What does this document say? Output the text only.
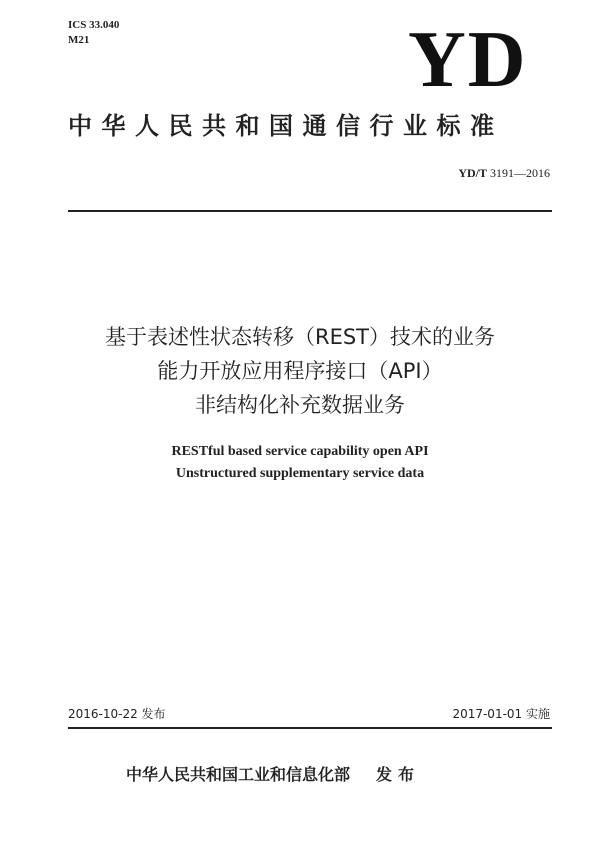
ICS 33.040
M21	YD
中华人民共和国通信行业标准
YD/T 3191—2016
基于表述性状态转移（REST）技术的业务
能力开放应用程序接口（API）
非结构化补充数据业务
RESTful based service capability open API
Unstructured supplementary service data
2016-10-22 发布	2017-01-01 实施
中华人民共和国工业和信息化部 发布
